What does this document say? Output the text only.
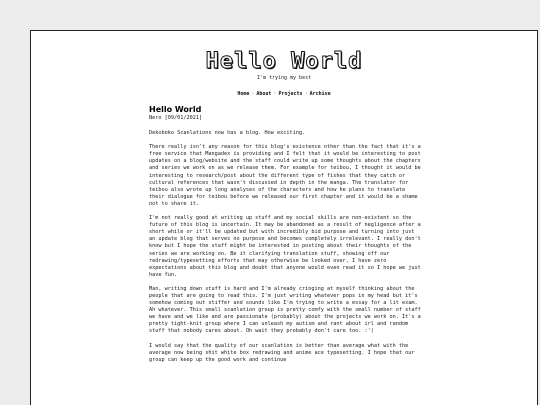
Hello World
I'm trying my best
Home · About · Projects · Archive
Hello World
Nero [09/01/2021]

Dekoboko Scanlations now has a blog. How exciting.

There really isn't any reason for this blog's existence other than the fact that it's a free service that Mangadex is providing and I felt that it would be interesting to post updates on a blog/website and the staff could write up some thoughts about the chapters and series we work on as we release them. For example for teibou, I thought it would be interesting to research/post about the different type of fishes that they catch or cultural references that wasn't discussed in depth in the manga. The translator for teibou also wrote up long analyses of the characters and how he plans to translate their dialogue for teibou before we released our first chapter and it would be a shame not to share it.

I'm not really good at writing up stuff and my social skills are non-existent so the future of this blog is uncertain. It may be abandoned as a result of negligence after a short while or it'll be updated but with incredibly bid purpose and turning into just an update blog that serves no purpose and becomes completely irrelevant. I really don't know but I hope the staff might be interested in posting about their thoughts of the series we are working on. Be it clarifying translation stuff, showing off our redrawing/typesetting efforts that may otherwise be looked over, I have zero expectations about this blog and doubt that anyone would even read it so I hope we just have fun.

Man, writing down stuff is hard and I'm already cringing at myself thinking about the people that are going to read this. I'm just writing whatever pops in my head but it's somehow coming out stiffer and sounds like I'm trying to write a essay for a lit exam. Ah whatever. This small scanlation group is pretty comfy with the small number of staff we have and we like and are passionate (probably) about the projects we work on. It's a pretty tight-knit group where I can unleash my autism and rant about irl and random stuff that nobody cares about. Oh wait they probably don't care too. :'(

I would say that the quality of our scanlation is better than average what with the average now being shit white box redrawing and anime ace typesetting. I hope that our group can keep up the good work and continue
